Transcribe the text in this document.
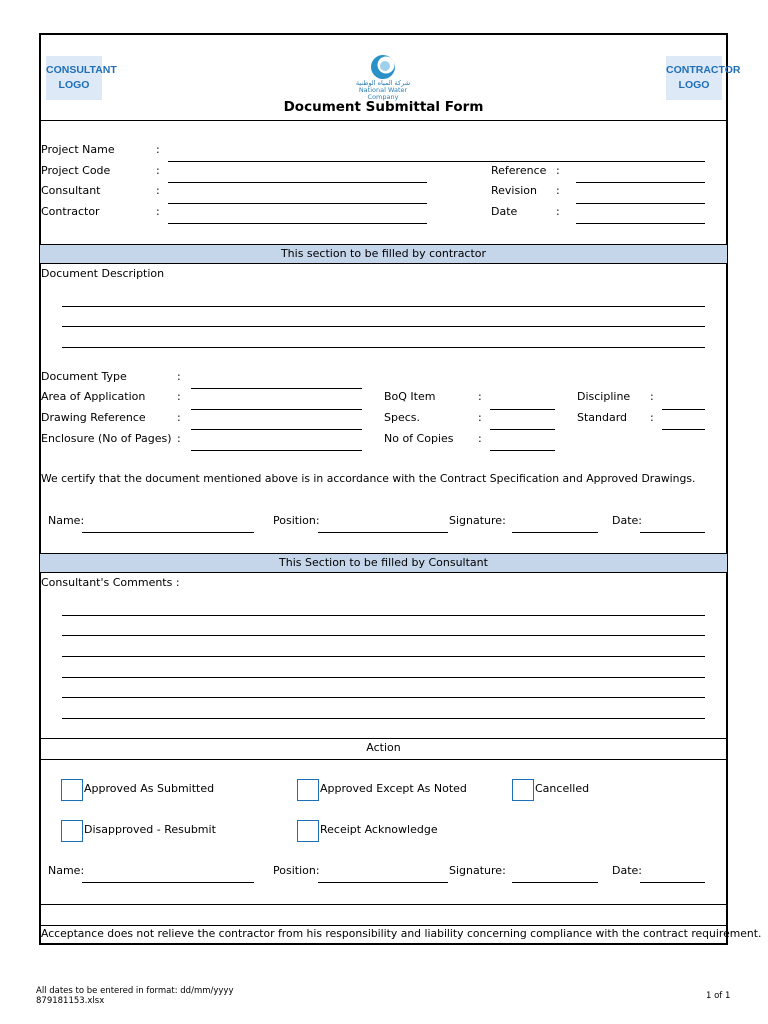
CONSULTANT
LOGO
CONTRACTOR
LOGO
شركة المياه الوطنية
National Water Company
Document Submittal Form
Project Name	:
Project Code	:	Reference :
Consultant	:	Revision :
Contractor	:	Date	:
This section to be filled by contractor
Document Description
Document Type	:
Area of Application	:	BoQ Item	:	Discipline :
Drawing Reference	:	Specs.	:	Standard :
Enclosure (No of Pages) :	No of Copies :
We certify that the document mentioned above is in accordance with the Contract Specification and Approved Drawings.
Name:	Position:	Signature:	Date:
This Section to be filled by Consultant
Consultant's Comments :
Action
Approved As Submitted	Approved Except As Noted	Cancelled
Disapproved - Resubmit	Receipt Acknowledge
Name:	Position:	Signature:	Date:
Acceptance does not relieve the contractor from his responsibility and liability concerning compliance with the contract requirement.
All dates to be entered in format: dd/mm/yyyy
879181153.xlsx	1 of 1
